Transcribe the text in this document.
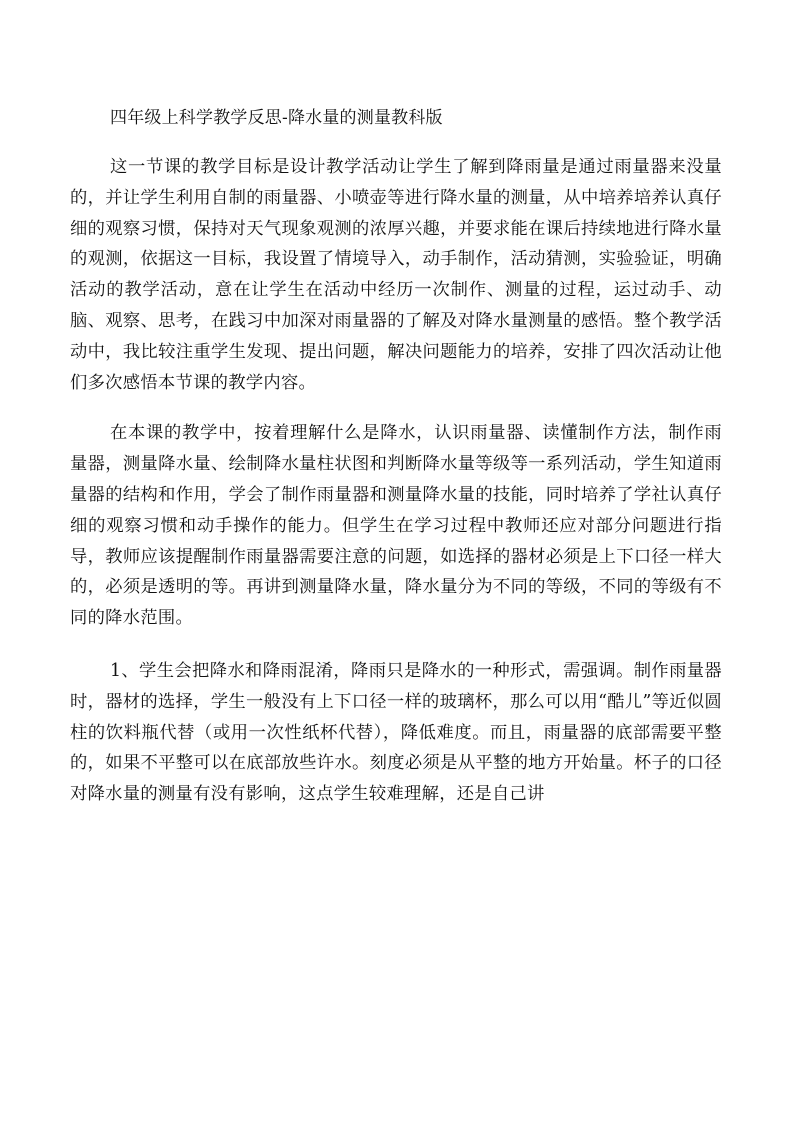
四年级上科学教学反思-降水量的测量教科版

这一节课的教学目标是设计教学活动让学生了解到降雨量是通过雨量器来没量的，并让学生利用自制的雨量器、小喷壶等进行降水量的测量，从中培养培养认真仔细的观察习惯，保持对天气现象观测的浓厚兴趣，并要求能在课后持续地进行降水量的观测，依据这一目标，我设置了情境导入，动手制作，活动猜测，实验验证，明确活动的教学活动，意在让学生在活动中经历一次制作、测量的过程，运过动手、动脑、观察、思考，在践习中加深对雨量器的了解及对降水量测量的感悟。整个教学活动中，我比较注重学生发现、提出问题，解决问题能力的培养，安排了四次活动让他们多次感悟本节课的教学内容。

在本课的教学中，按着理解什么是降水，认识雨量器、读懂制作方法，制作雨量器，测量降水量、绘制降水量柱状图和判断降水量等级等一系列活动，学生知道雨量器的结构和作用，学会了制作雨量器和测量降水量的技能，同时培养了学社认真仔细的观察习惯和动手操作的能力。但学生在学习过程中教师还应对部分问题进行指导，教师应该提醒制作雨量器需要注意的问题，如选择的器材必须是上下口径一样大的，必须是透明的等。再讲到测量降水量，降水量分为不同的等级，不同的等级有不同的降水范围。

1、学生会把降水和降雨混淆，降雨只是降水的一种形式，需强调。制作雨量器时，器材的选择，学生一般没有上下口径一样的玻璃杯，那么可以用“酷儿”等近似圆柱的饮料瓶代替（或用一次性纸杯代替），降低难度。而且，雨量器的底部需要平整的，如果不平整可以在底部放些许水。刻度必须是从平整的地方开始量。杯子的口径对降水量的测量有没有影响，这点学生较难理解，还是自己讲
